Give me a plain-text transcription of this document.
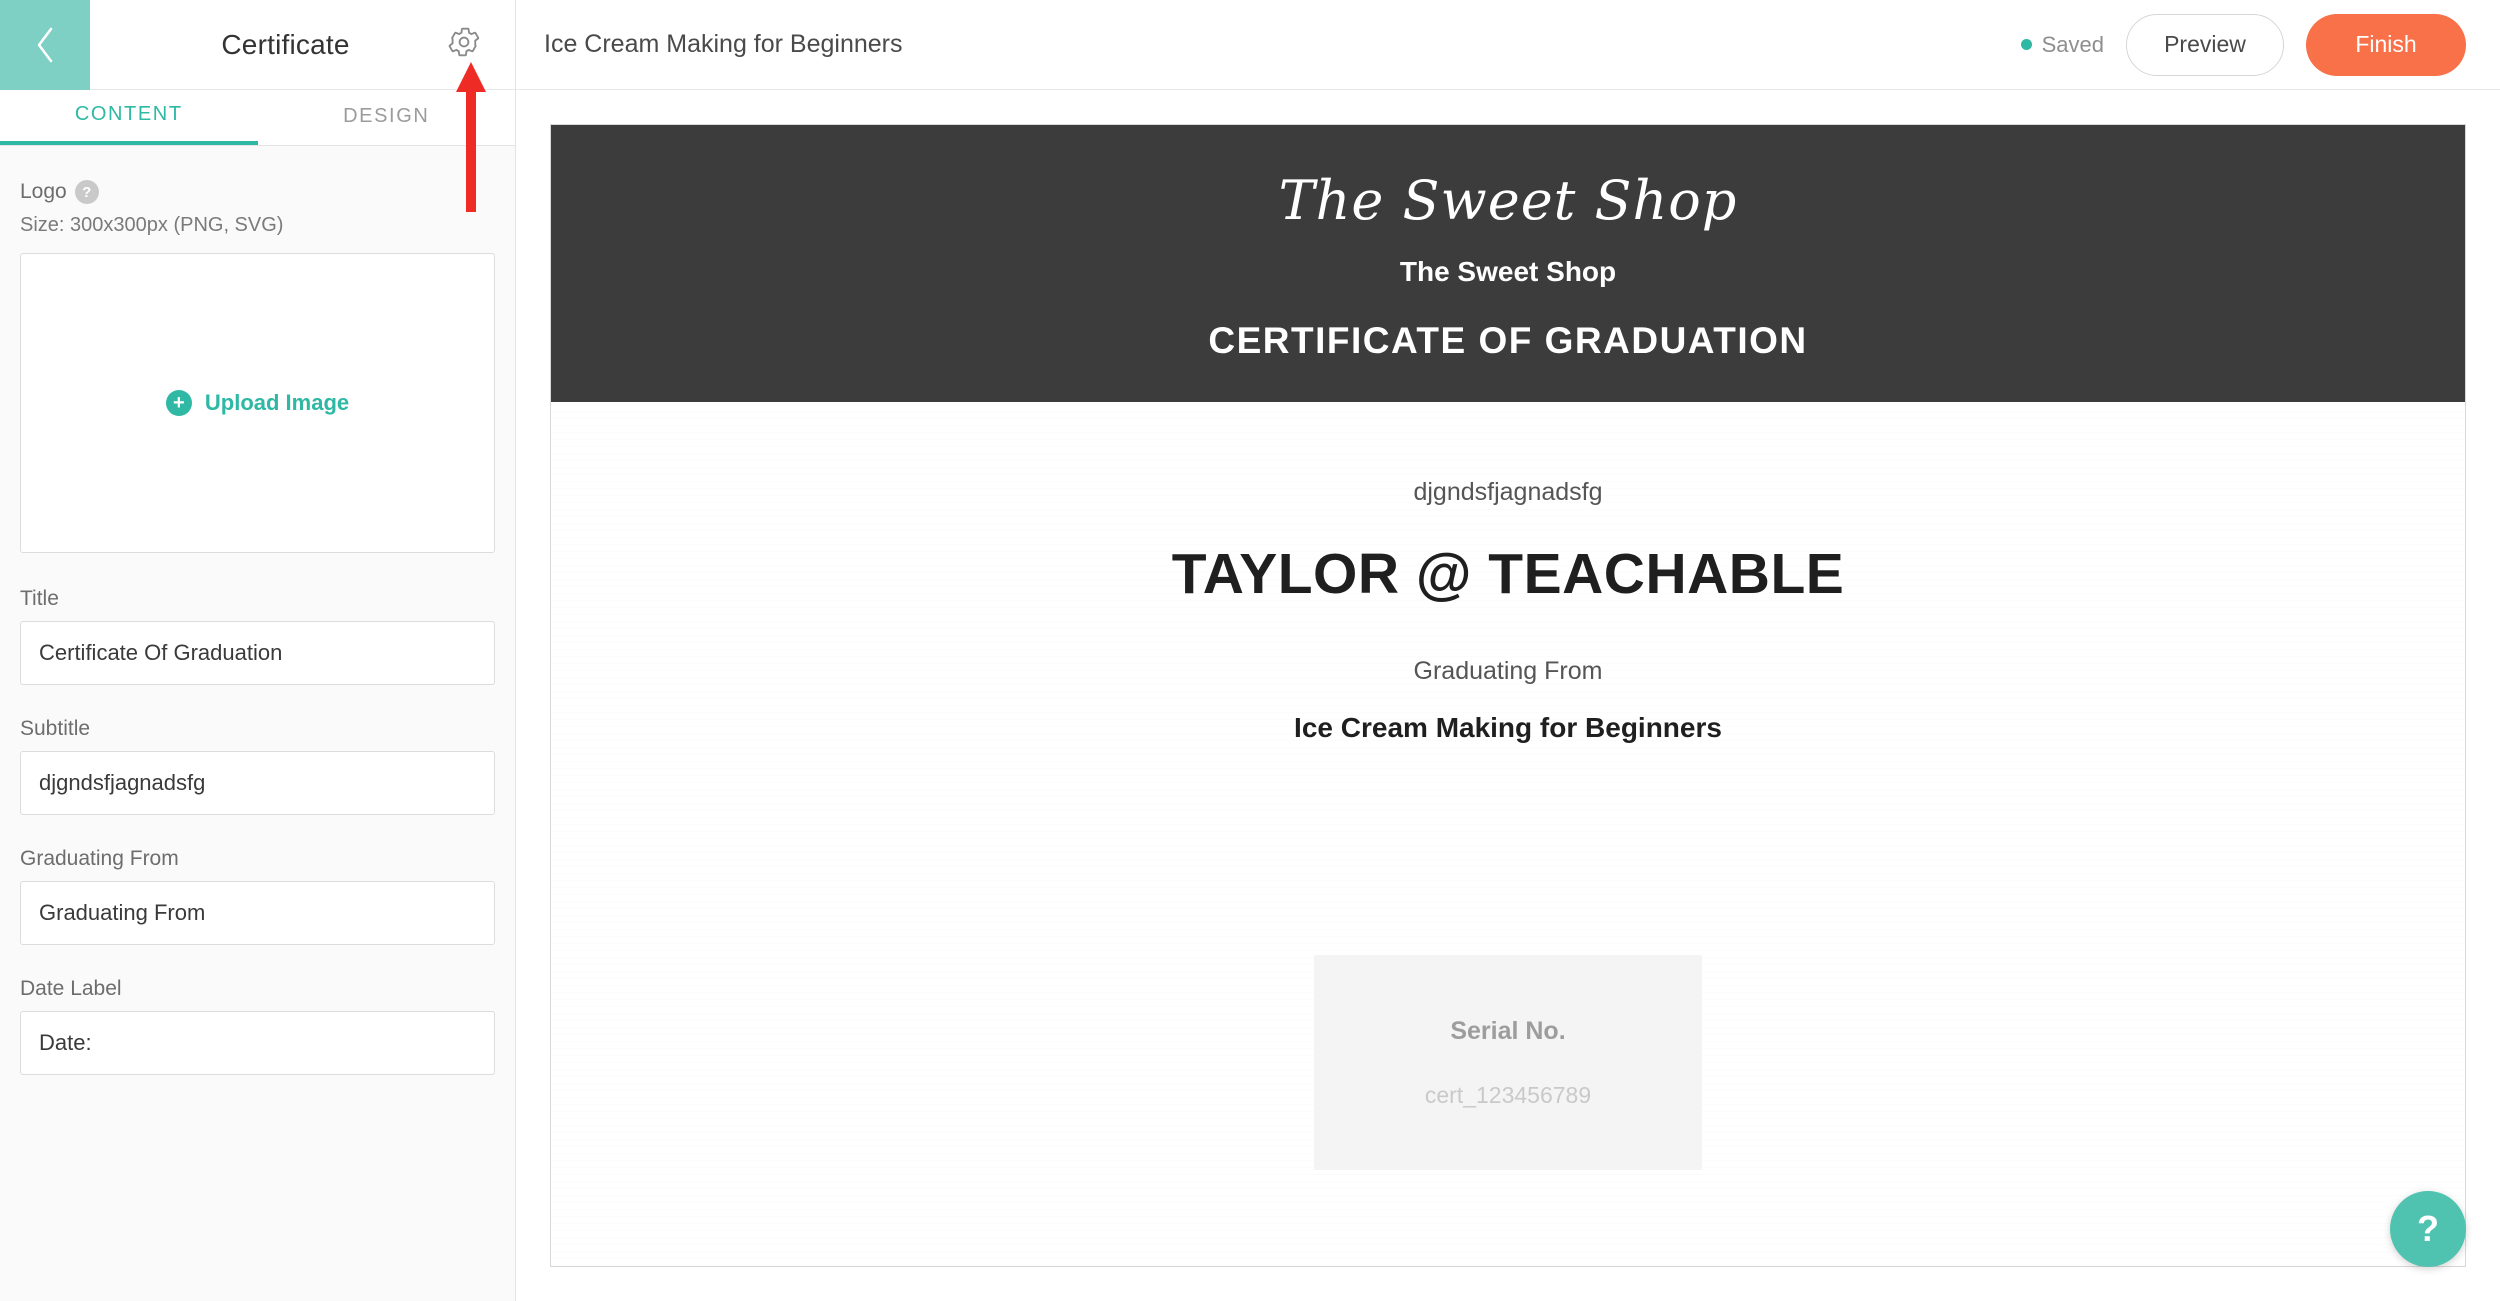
Certificate
CONTENT	DESIGN
Logo	?
Size: 300x300px (PNG, SVG)
+ Upload Image
Title
Certificate Of Graduation
Subtitle
djgndsfjagnadsfg
Graduating From
Graduating From
Date Label
Date:
Ice Cream Making for Beginners	Saved	Preview	Finish
The Sweet Shop
The Sweet Shop
CERTIFICATE OF GRADUATION
djgndsfjagnadsfg
TAYLOR @ TEACHABLE
Graduating From
Ice Cream Making for Beginners
Serial No.
cert_123456789
?
